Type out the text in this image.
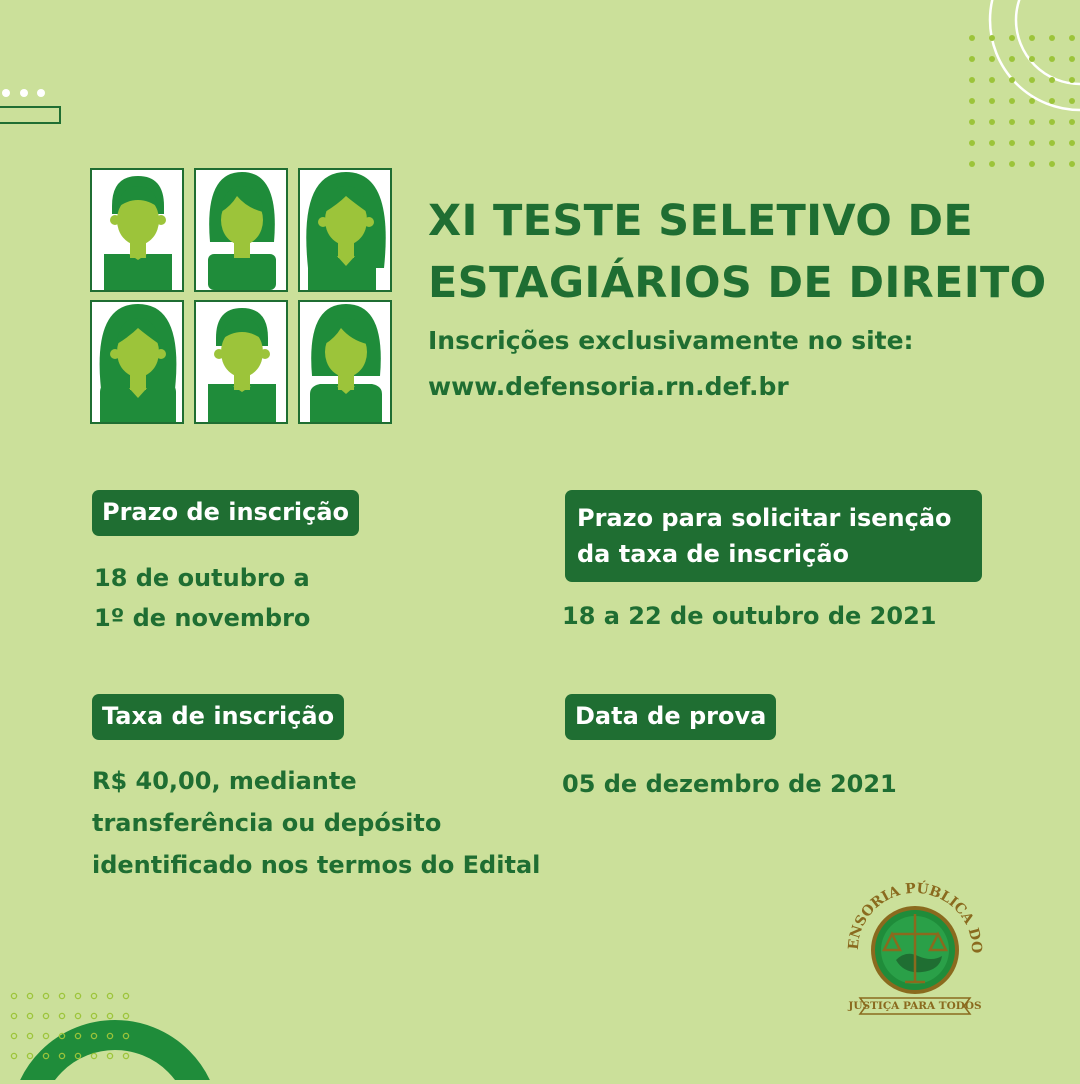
XI TESTE SELETIVO DE
ESTAGIÁRIOS DE DIREITO
Inscrições exclusivamente no site:
www.defensoria.rn.def.br
Prazo de inscrição
18 de outubro a
1º de novembro
Prazo para solicitar isenção
da taxa de inscrição
18 a 22 de outubro de 2021
Taxa de inscrição
R$ 40,00, mediante
transferência ou depósito
identificado nos termos do Edital
Data de prova
05 de dezembro de 2021
ENSORIA PÚBLICA DO
JUSTIÇA PARA TODOS
